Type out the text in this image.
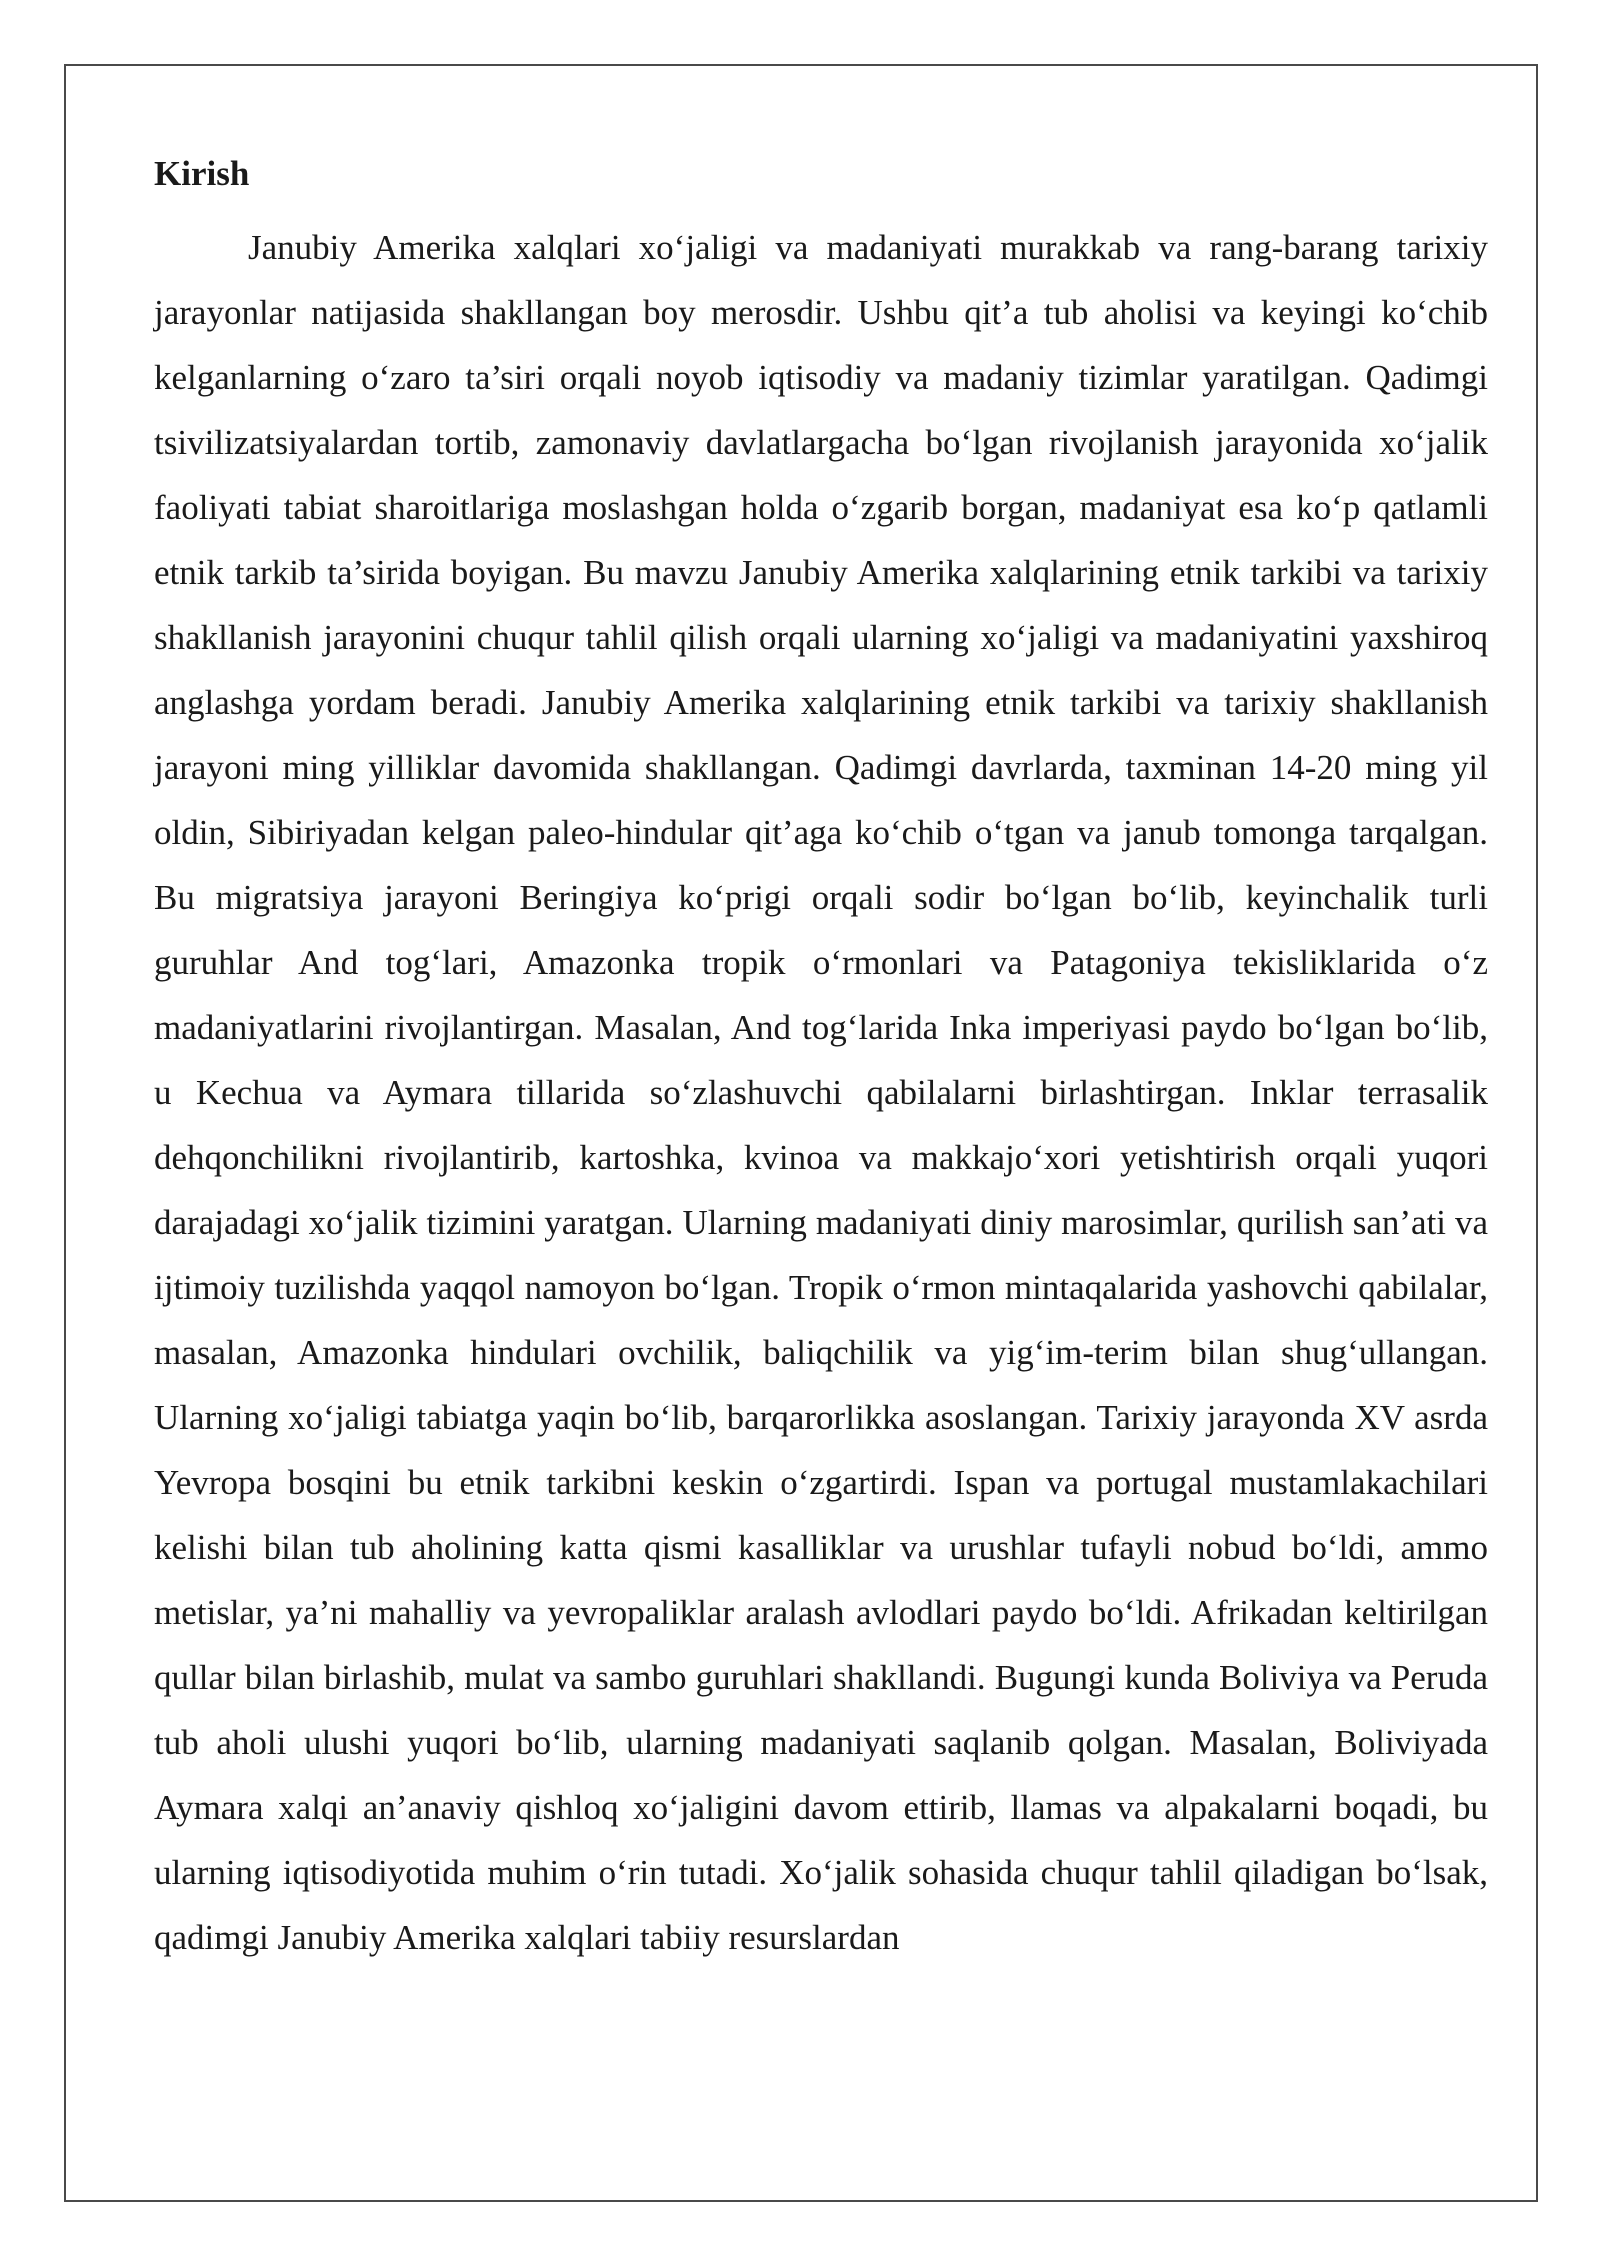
Kirish

Janubiy Amerika xalqlari xo‘jaligi va madaniyati murakkab va rang-barang tarixiy jarayonlar natijasida shakllangan boy merosdir. Ushbu qit’a tub aholisi va keyingi ko‘chib kelganlarning o‘zaro ta’siri orqali noyob iqtisodiy va madaniy tizimlar yaratilgan. Qadimgi tsivilizatsiyalardan tortib, zamonaviy davlatlargacha bo‘lgan rivojlanish jarayonida xo‘jalik faoliyati tabiat sharoitlariga moslashgan holda o‘zgarib borgan, madaniyat esa ko‘p qatlamli etnik tarkib ta’sirida boyigan. Bu mavzu Janubiy Amerika xalqlarining etnik tarkibi va tarixiy shakllanish jarayonini chuqur tahlil qilish orqali ularning xo‘jaligi va madaniyatini yaxshiroq anglashga yordam beradi. Janubiy Amerika xalqlarining etnik tarkibi va tarixiy shakllanish jarayoni ming yilliklar davomida shakllangan. Qadimgi davrlarda, taxminan 14-20 ming yil oldin, Sibiriyadan kelgan paleo-hindular qit’aga ko‘chib o‘tgan va janub tomonga tarqalgan. Bu migratsiya jarayoni Beringiya ko‘prigi orqali sodir bo‘lgan bo‘lib, keyinchalik turli guruhlar And tog‘lari, Amazonka tropik o‘rmonlari va Patagoniya tekisliklarida o‘z madaniyatlarini rivojlantirgan. Masalan, And tog‘larida Inka imperiyasi paydo bo‘lgan bo‘lib, u Kechua va Aymara tillarida so‘zlashuvchi qabilalarni birlashtirgan. Inklar terrasalik dehqonchilikni rivojlantirib, kartoshka, kvinoa va makkajo‘xori yetishtirish orqali yuqori darajadagi xo‘jalik tizimini yaratgan. Ularning madaniyati diniy marosimlar, qurilish san’ati va ijtimoiy tuzilishda yaqqol namoyon bo‘lgan. Tropik o‘rmon mintaqalarida yashovchi qabilalar, masalan, Amazonka hindulari ovchilik, baliqchilik va yig‘im-terim bilan shug‘ullangan. Ularning xo‘jaligi tabiatga yaqin bo‘lib, barqarorlikka asoslangan. Tarixiy jarayonda XV asrda Yevropa bosqini bu etnik tarkibni keskin o‘zgartirdi. Ispan va portugal mustamlakachilari kelishi bilan tub aholining katta qismi kasalliklar va urushlar tufayli nobud bo‘ldi, ammo metislar, ya’ni mahalliy va yevropaliklar aralash avlodlari paydo bo‘ldi. Afrikadan keltirilgan qullar bilan birlashib, mulat va sambo guruhlari shakllandi. Bugungi kunda Boliviya va Peruda tub aholi ulushi yuqori bo‘lib, ularning madaniyati saqlanib qolgan. Masalan, Boliviyada Aymara xalqi an’anaviy qishloq xo‘jaligini davom ettirib, llamas va alpakalarni boqadi, bu ularning iqtisodiyotida muhim o‘rin tutadi. Xo‘jalik sohasida chuqur tahlil qiladigan bo‘lsak, qadimgi Janubiy Amerika xalqlari tabiiy resurslardan
